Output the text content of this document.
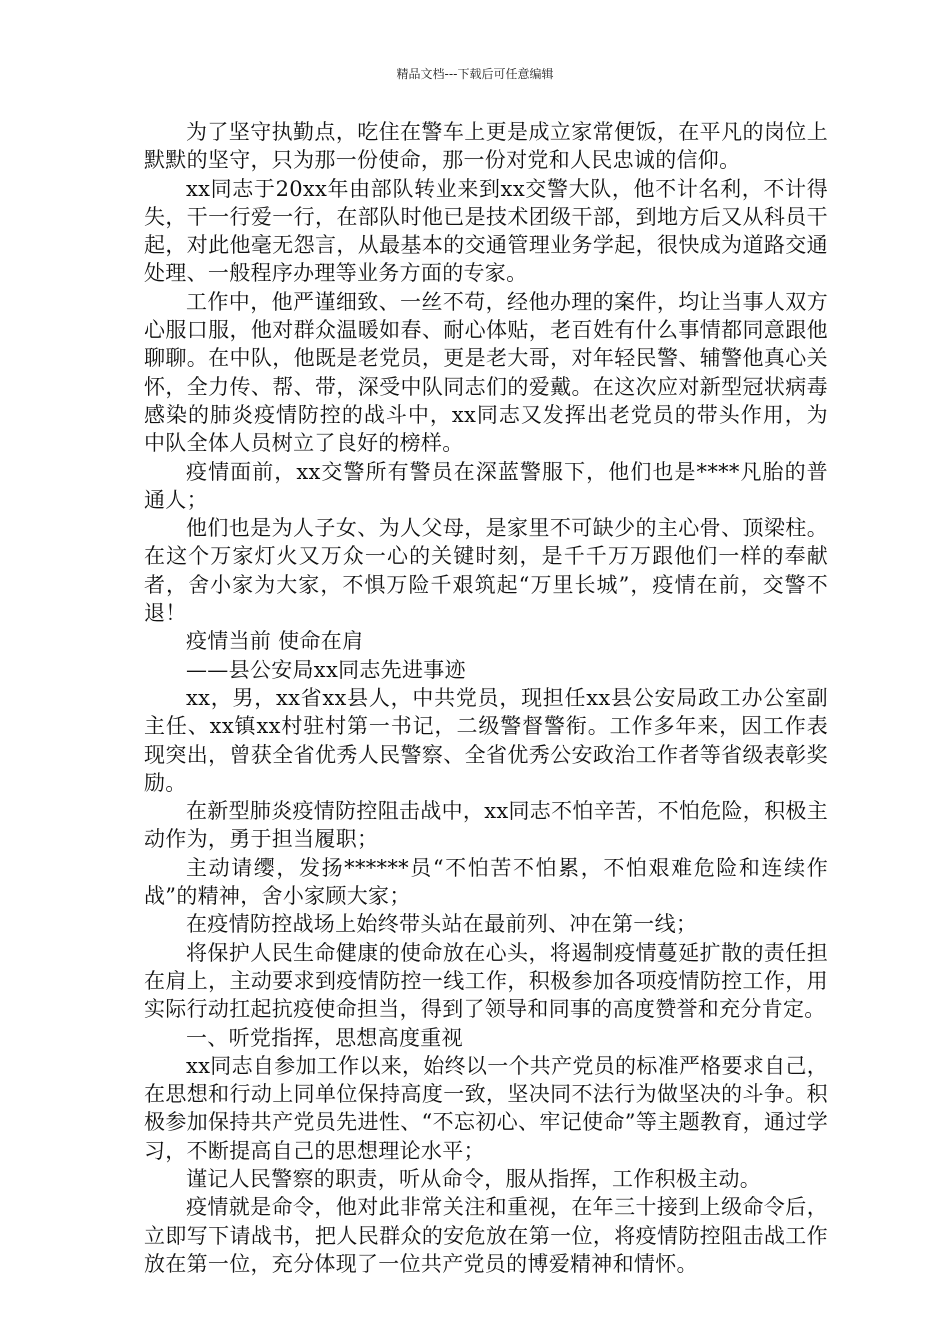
精品文档---下载后可任意编辑

为了坚守执勤点，吃住在警车上更是成立家常便饭，在平凡的岗位上默默的坚守，只为那一份使命，那一份对党和人民忠诚的信仰。

xx同志于20xx年由部队转业来到xx交警大队，他不计名利，不计得失，干一行爱一行，在部队时他已是技术团级干部，到地方后又从科员干起，对此他毫无怨言，从最基本的交通管理业务学起，很快成为道路交通处理、一般程序办理等业务方面的专家。

工作中，他严谨细致、一丝不苟，经他办理的案件，均让当事人双方心服口服，他对群众温暖如春、耐心体贴，老百姓有什么事情都同意跟他聊聊。在中队，他既是老党员，更是老大哥，对年轻民警、辅警他真心关怀，全力传、帮、带，深受中队同志们的爱戴。在这次应对新型冠状病毒感染的肺炎疫情防控的战斗中，xx同志又发挥出老党员的带头作用，为中队全体人员树立了良好的榜样。

疫情面前，xx交警所有警员在深蓝警服下，他们也是****凡胎的普通人；

他们也是为人子女、为人父母，是家里不可缺少的主心骨、顶梁柱。在这个万家灯火又万众一心的关键时刻，是千千万万跟他们一样的奉献者，舍小家为大家，不惧万险千艰筑起“万里长城”，疫情在前，交警不退！

疫情当前 使命在肩

——县公安局xx同志先进事迹

xx，男，xx省xx县人，中共党员，现担任xx县公安局政工办公室副主任、xx镇xx村驻村第一书记，二级警督警衔。工作多年来，因工作表现突出，曾获全省优秀人民警察、全省优秀公安政治工作者等省级表彰奖励。

在新型肺炎疫情防控阻击战中，xx同志不怕辛苦，不怕危险，积极主动作为，勇于担当履职；

主动请缨，发扬******员“不怕苦不怕累，不怕艰难危险和连续作战”的精神，舍小家顾大家；

在疫情防控战场上始终带头站在最前列、冲在第一线；

将保护人民生命健康的使命放在心头，将遏制疫情蔓延扩散的责任担在肩上，主动要求到疫情防控一线工作，积极参加各项疫情防控工作，用实际行动扛起抗疫使命担当，得到了领导和同事的高度赞誉和充分肯定。

一、听党指挥，思想高度重视

xx同志自参加工作以来，始终以一个共产党员的标准严格要求自己，在思想和行动上同单位保持高度一致，坚决同不法行为做坚决的斗争。积极参加保持共产党员先进性、“不忘初心、牢记使命”等主题教育，通过学习，不断提高自己的思想理论水平；

谨记人民警察的职责，听从命令，服从指挥，工作积极主动。

疫情就是命令，他对此非常关注和重视，在年三十接到上级命令后，立即写下请战书，把人民群众的安危放在第一位，将疫情防控阻击战工作放在第一位，充分体现了一位共产党员的博爱精神和情怀。
